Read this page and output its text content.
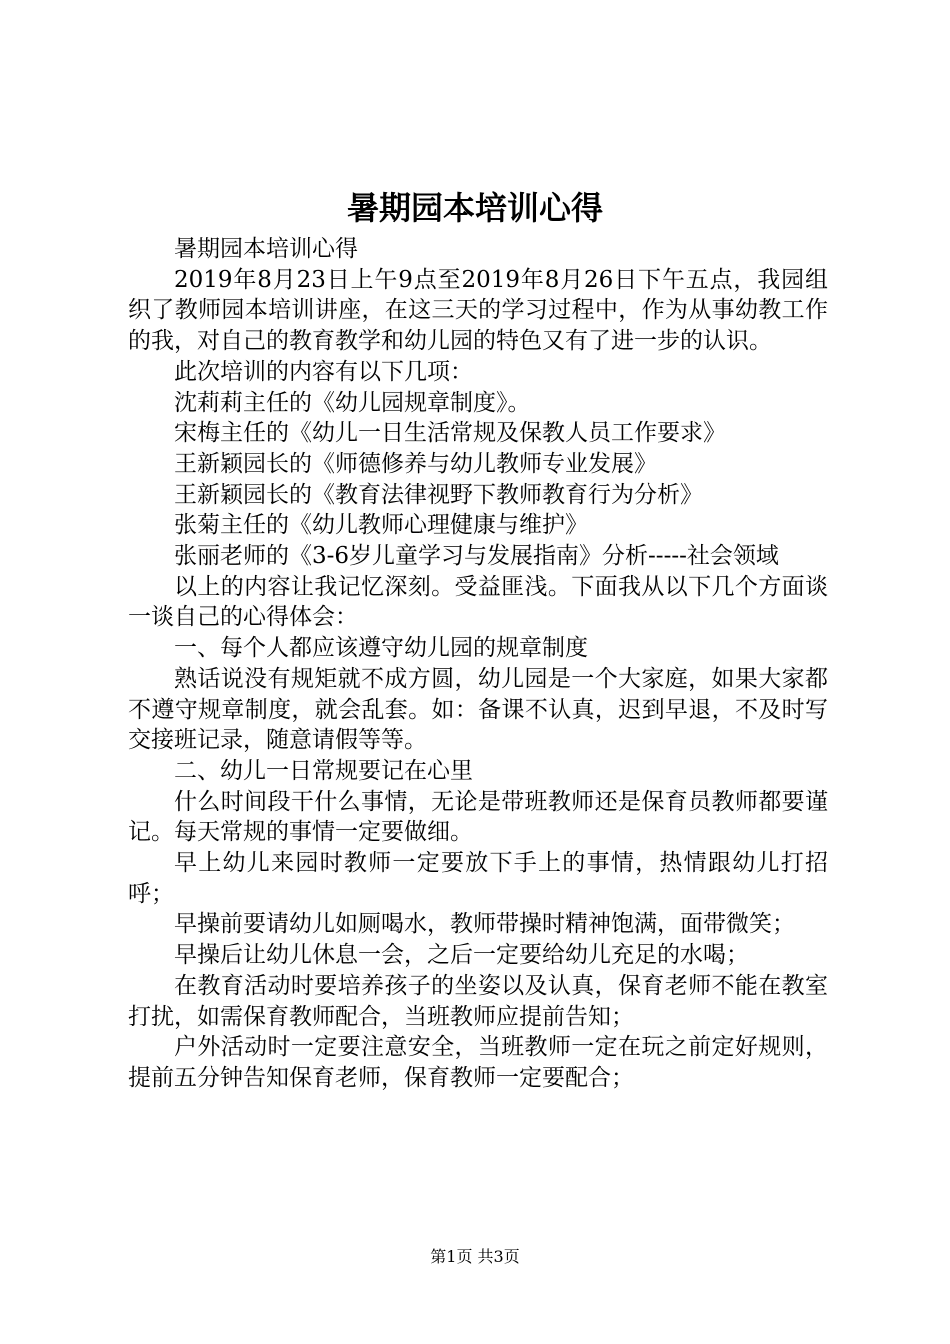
暑期园本培训心得

暑期园本培训心得

2019年8月23日上午9点至2019年8月26日下午五点，我园组织了教师园本培训讲座，在这三天的学习过程中，作为从事幼教工作的我，对自己的教育教学和幼儿园的特色又有了进一步的认识。

此次培训的内容有以下几项：

沈莉莉主任的《幼儿园规章制度》。

宋梅主任的《幼儿一日生活常规及保教人员工作要求》

王新颖园长的《师德修养与幼儿教师专业发展》

王新颖园长的《教育法律视野下教师教育行为分析》

张菊主任的《幼儿教师心理健康与维护》

张丽老师的《3-6岁儿童学习与发展指南》分析-----社会领域

以上的内容让我记忆深刻。受益匪浅。下面我从以下几个方面谈一谈自己的心得体会：

一、每个人都应该遵守幼儿园的规章制度

熟话说没有规矩就不成方圆，幼儿园是一个大家庭，如果大家都不遵守规章制度，就会乱套。如：备课不认真，迟到早退，不及时写交接班记录，随意请假等等。

二、幼儿一日常规要记在心里

什么时间段干什么事情，无论是带班教师还是保育员教师都要谨记。每天常规的事情一定要做细。

早上幼儿来园时教师一定要放下手上的事情，热情跟幼儿打招呼；

早操前要请幼儿如厕喝水，教师带操时精神饱满，面带微笑；

早操后让幼儿休息一会，之后一定要给幼儿充足的水喝；

在教育活动时要培养孩子的坐姿以及认真，保育老师不能在教室打扰，如需保育教师配合，当班教师应提前告知；

户外活动时一定要注意安全，当班教师一定在玩之前定好规则，提前五分钟告知保育老师，保育教师一定要配合；

第1页 共3页
